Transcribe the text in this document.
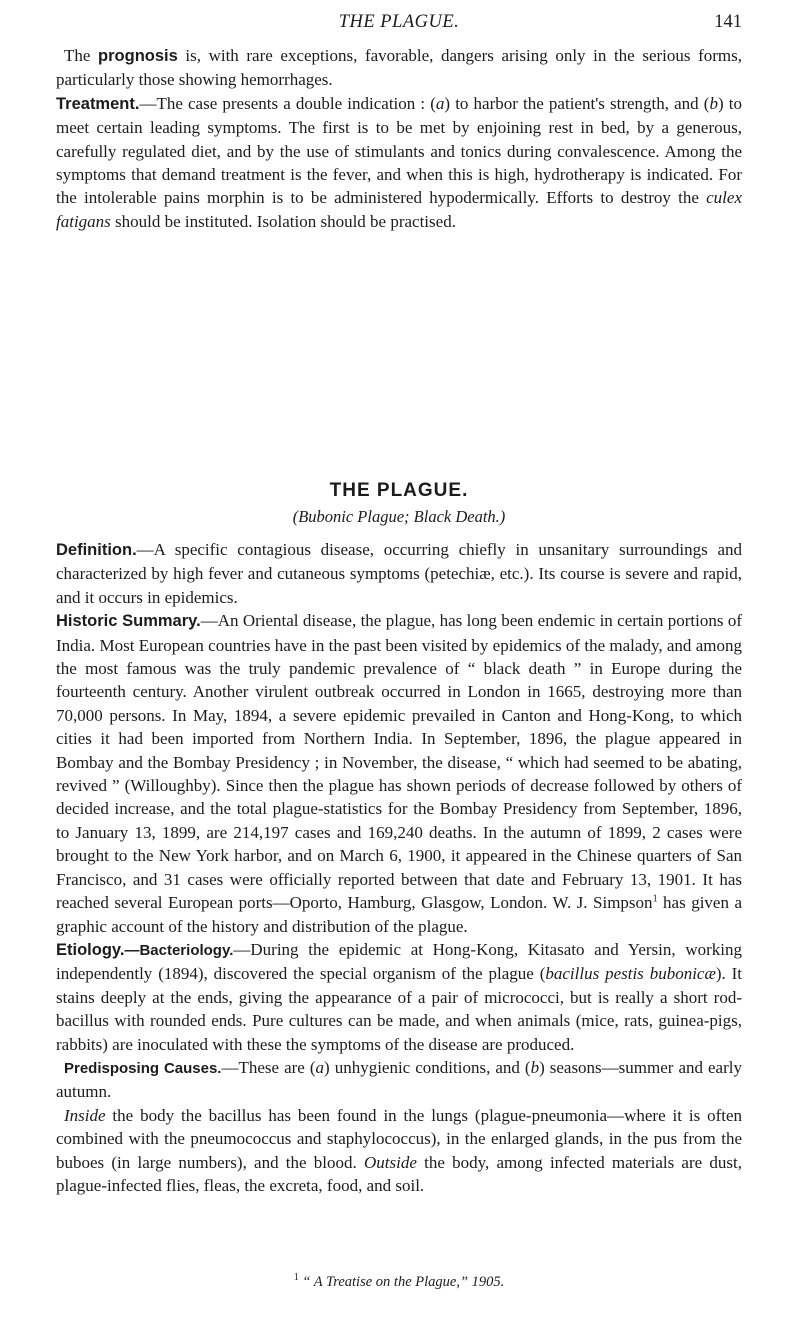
THE PLAGUE.	141

The prognosis is, with rare exceptions, favorable, dangers arising only in the serious forms, particularly those showing hemorrhages.

Treatment.—The case presents a double indication : (a) to harbor the patient's strength, and (b) to meet certain leading symptoms. The first is to be met by enjoining rest in bed, by a generous, carefully regulated diet, and by the use of stimulants and tonics during convalescence. Among the symptoms that demand treatment is the fever, and when this is high, hydrotherapy is indicated. For the intolerable pains morphin is to be administered hypodermically. Efforts to destroy the culex fatigans should be instituted. Isolation should be practised.

THE PLAGUE.
(Bubonic Plague; Black Death.)

Definition.—A specific contagious disease, occurring chiefly in unsanitary surroundings and characterized by high fever and cutaneous symptoms (petechiæ, etc.). Its course is severe and rapid, and it occurs in epidemics.

Historic Summary.—An Oriental disease, the plague, has long been endemic in certain portions of India. Most European countries have in the past been visited by epidemics of the malady, and among the most famous was the truly pandemic prevalence of “ black death ” in Europe during the fourteenth century. Another virulent outbreak occurred in London in 1665, destroying more than 70,000 persons. In May, 1894, a severe epidemic prevailed in Canton and Hong-Kong, to which cities it had been imported from Northern India. In September, 1896, the plague appeared in Bombay and the Bombay Presidency ; in November, the disease, “ which had seemed to be abating, revived ” (Willoughby). Since then the plague has shown periods of decrease followed by others of decided increase, and the total plague-statistics for the Bombay Presidency from September, 1896, to January 13, 1899, are 214,197 cases and 169,240 deaths. In the autumn of 1899, 2 cases were brought to the New York harbor, and on March 6, 1900, it appeared in the Chinese quarters of San Francisco, and 31 cases were officially reported between that date and February 13, 1901. It has reached several European ports—Oporto, Hamburg, Glasgow, London. W. J. Simpson$^1$ has given a graphic account of the history and distribution of the plague.

Etiology.—Bacteriology.—During the epidemic at Hong-Kong, Kitasato and Yersin, working independently (1894), discovered the special organism of the plague (bacillus pestis bubonicæ). It stains deeply at the ends, giving the appearance of a pair of micrococci, but is really a short rod-bacillus with rounded ends. Pure cultures can be made, and when animals (mice, rats, guinea-pigs, rabbits) are inoculated with these the symptoms of the disease are produced.

Predisposing Causes.—These are (a) unhygienic conditions, and (b) seasons—summer and early autumn.

Inside the body the bacillus has been found in the lungs (plague-pneumonia—where it is often combined with the pneumococcus and staphylococcus), in the enlarged glands, in the pus from the buboes (in large numbers), and the blood. Outside the body, among infected materials are dust, plague-infected flies, fleas, the excreta, food, and soil.

$^1$ “ A Treatise on the Plague,” 1905.
